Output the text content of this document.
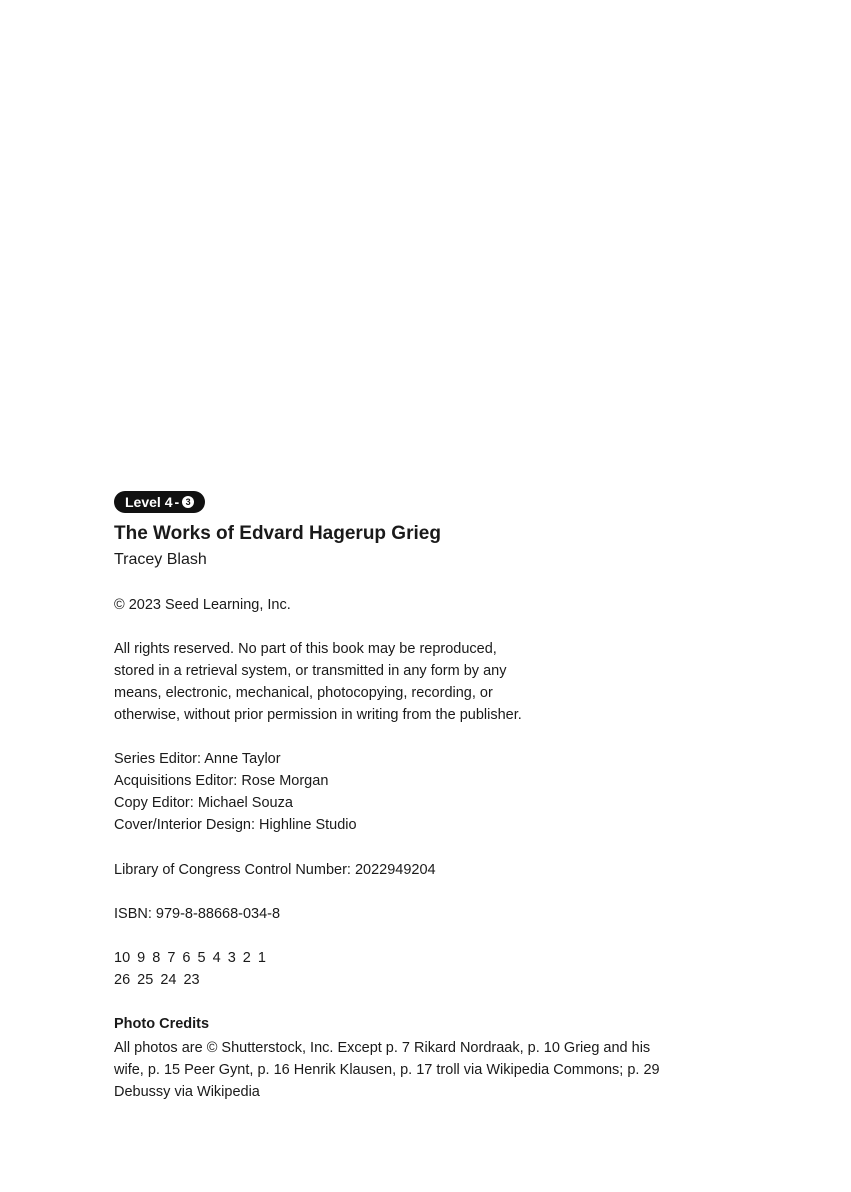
Level 4 - 3
The Works of Edvard Hagerup Grieg
Tracey Blash
© 2023 Seed Learning, Inc.
All rights reserved. No part of this book may be reproduced,
stored in a retrieval system, or transmitted in any form by any
means, electronic, mechanical, photocopying, recording, or
otherwise, without prior permission in writing from the publisher.
Series Editor: Anne Taylor
Acquisitions Editor: Rose Morgan
Copy Editor: Michael Souza
Cover/Interior Design: Highline Studio
Library of Congress Control Number: 2022949204
ISBN: 979-8-88668-034-8
10 9 8 7 6 5 4 3 2 1
26 25 24 23
Photo Credits
All photos are © Shutterstock, Inc. Except p. 7 Rikard Nordraak, p. 10 Grieg and his
wife, p. 15 Peer Gynt, p. 16 Henrik Klausen, p. 17 troll via Wikipedia Commons; p. 29
Debussy via Wikipedia
